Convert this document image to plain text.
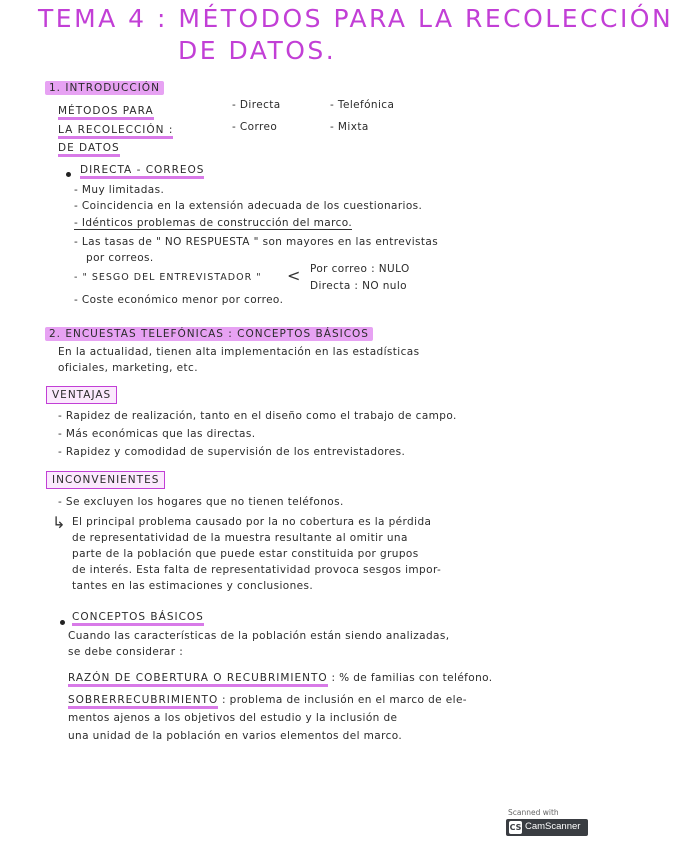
TEMA 4 : MÉTODOS PARA LA RECOLECCIÓN
DE DATOS.
1. INTRODUCCIÓN
MÉTODOS PARA
LA RECOLECCIÓN :
DE DATOS
- Directa	- Telefónica
- Correo	- Mixta
DIRECTA - CORREOS
- Muy limitadas.
- Coincidencia en la extensión adecuada de los cuestionarios.
- Idénticos problemas de construcción del marco.
- Las tasas de " NO RESPUESTA " son mayores en las entrevistas
por correos.
- " SESGO DEL ENTREVISTADOR " < Por correo : NULO
Directa : NO nulo
- Coste económico menor por correo.
2. ENCUESTAS TELEFÓNICAS : CONCEPTOS BÁSICOS
En la actualidad, tienen alta implementación en las estadísticas
oficiales, marketing, etc.
VENTAJAS
- Rapidez de realización, tanto en el diseño como el trabajo de campo.
- Más económicas que las directas.
- Rapidez y comodidad de supervisión de los entrevistadores.
INCONVENIENTES
- Se excluyen los hogares que no tienen teléfonos.
↳ El principal problema causado por la no cobertura es la pérdida
de representatividad de la muestra resultante al omitir una
parte de la población que puede estar constituida por grupos
de interés. Esta falta de representatividad provoca sesgos impor-
tantes en las estimaciones y conclusiones.
CONCEPTOS BÁSICOS
Cuando las características de la población están siendo analizadas,
se debe considerar :
RAZÓN DE COBERTURA O RECUBRIMIENTO : % de familias con teléfono.
SOBRERRECUBRIMIENTO : problema de inclusión en el marco de ele-
mentos ajenos a los objetivos del estudio y la inclusión de
una unidad de la población en varios elementos del marco.
Scanned with
CS CamScanner
